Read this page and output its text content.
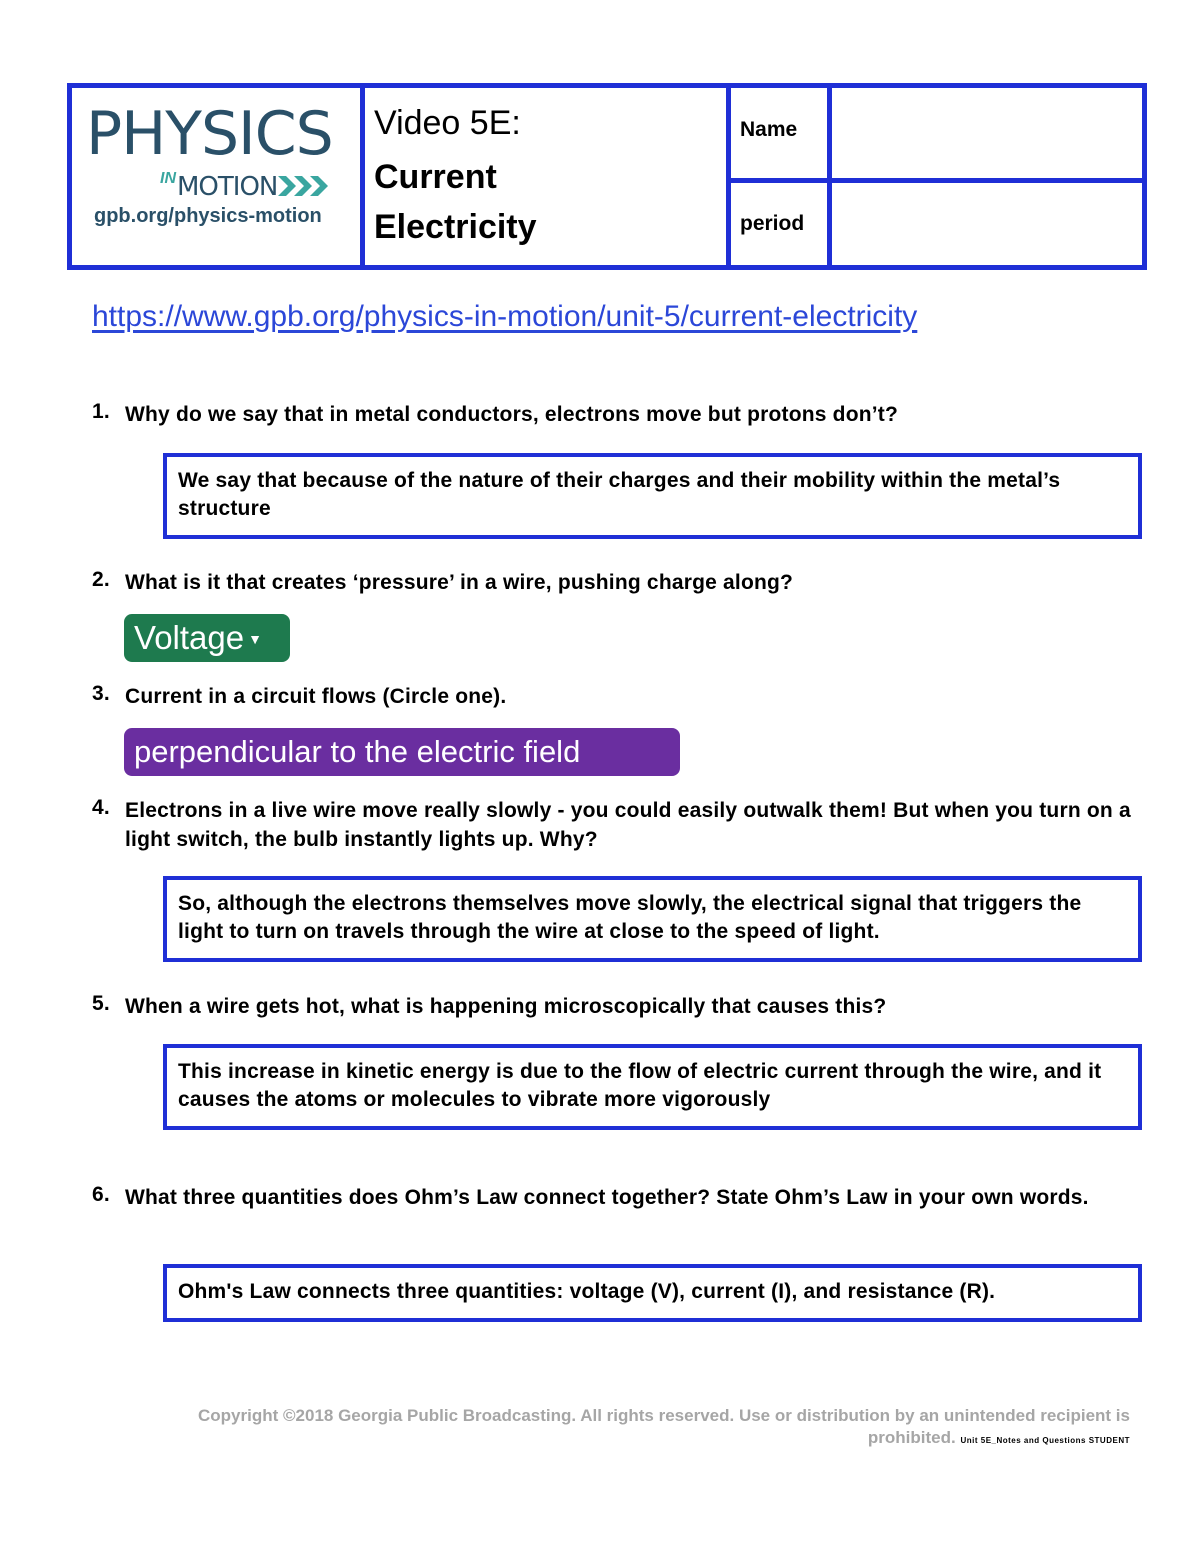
PHYSICS
IN MOTION
gpb.org/physics-motion
Video 5E:
Current
Electricity
Name
period
https://www.gpb.org/physics-in-motion/unit-5/current-electricity
1. Why do we say that in metal conductors, electrons move but protons don’t?
We say that because of the nature of their charges and their mobility within the metal’s structure
2. What is it that creates ‘pressure’ in a wire, pushing charge along?
Voltage ▼
3. Current in a circuit flows (Circle one).
perpendicular to the electric field
4. Electrons in a live wire move really slowly - you could easily outwalk them! But when you turn on a light switch, the bulb instantly lights up. Why?
So, although the electrons themselves move slowly, the electrical signal that triggers the light to turn on travels through the wire at close to the speed of light.
5. When a wire gets hot, what is happening microscopically that causes this?
This increase in kinetic energy is due to the flow of electric current through the wire, and it causes the atoms or molecules to vibrate more vigorously
6. What three quantities does Ohm’s Law connect together? State Ohm’s Law in your own words.
Ohm's Law connects three quantities: voltage (V), current (I), and resistance (R).
Copyright ©2018 Georgia Public Broadcasting. All rights reserved. Use or distribution by an unintended recipient is prohibited. Unit 5E_Notes and Questions STUDENT
